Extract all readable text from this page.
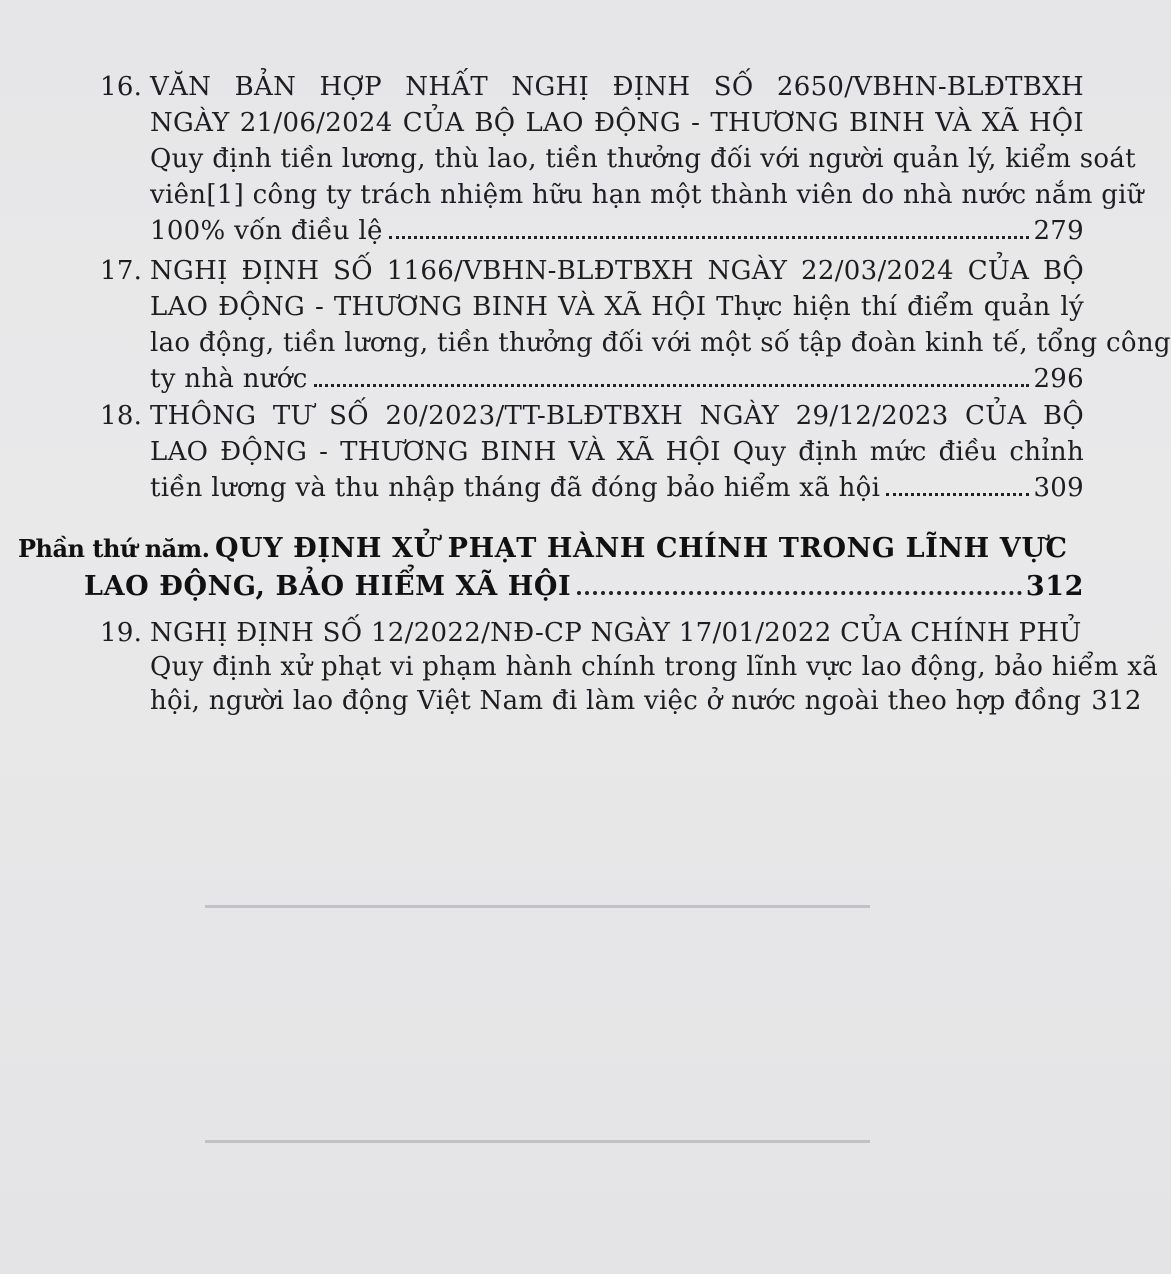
16. VĂN BẢN HỢP NHẤT NGHỊ ĐỊNH SỐ 2650/VBHN-BLĐTBXH
NGÀY 21/06/2024 CỦA BỘ LAO ĐỘNG - THƯƠNG BINH VÀ XÃ HỘI
Quy định tiền lương, thù lao, tiền thưởng đối với người quản lý, kiểm soát
viên[1] công ty trách nhiệm hữu hạn một thành viên do nhà nước nắm giữ
100% vốn điều lệ	279
17. NGHỊ ĐỊNH SỐ 1166/VBHN-BLĐTBXH NGÀY 22/03/2024 CỦA BỘ
LAO ĐỘNG - THƯƠNG BINH VÀ XÃ HỘI Thực hiện thí điểm quản lý
lao động, tiền lương, tiền thưởng đối với một số tập đoàn kinh tế, tổng công
ty nhà nước	296
18. THÔNG TƯ SỐ 20/2023/TT-BLĐTBXH NGÀY 29/12/2023 CỦA BỘ
LAO ĐỘNG - THƯƠNG BINH VÀ XÃ HỘI Quy định mức điều chỉnh
tiền lương và thu nhập tháng đã đóng bảo hiểm xã hội	309
Phần thứ năm. QUY ĐỊNH XỬ PHẠT HÀNH CHÍNH TRONG LĨNH VỰC
LAO ĐỘNG, BẢO HIỂM XÃ HỘI	312
19. NGHỊ ĐỊNH SỐ 12/2022/NĐ-CP NGÀY 17/01/2022 CỦA CHÍNH PHỦ
Quy định xử phạt vi phạm hành chính trong lĩnh vực lao động, bảo hiểm xã
hội, người lao động Việt Nam đi làm việc ở nước ngoài theo hợp đồng 312
